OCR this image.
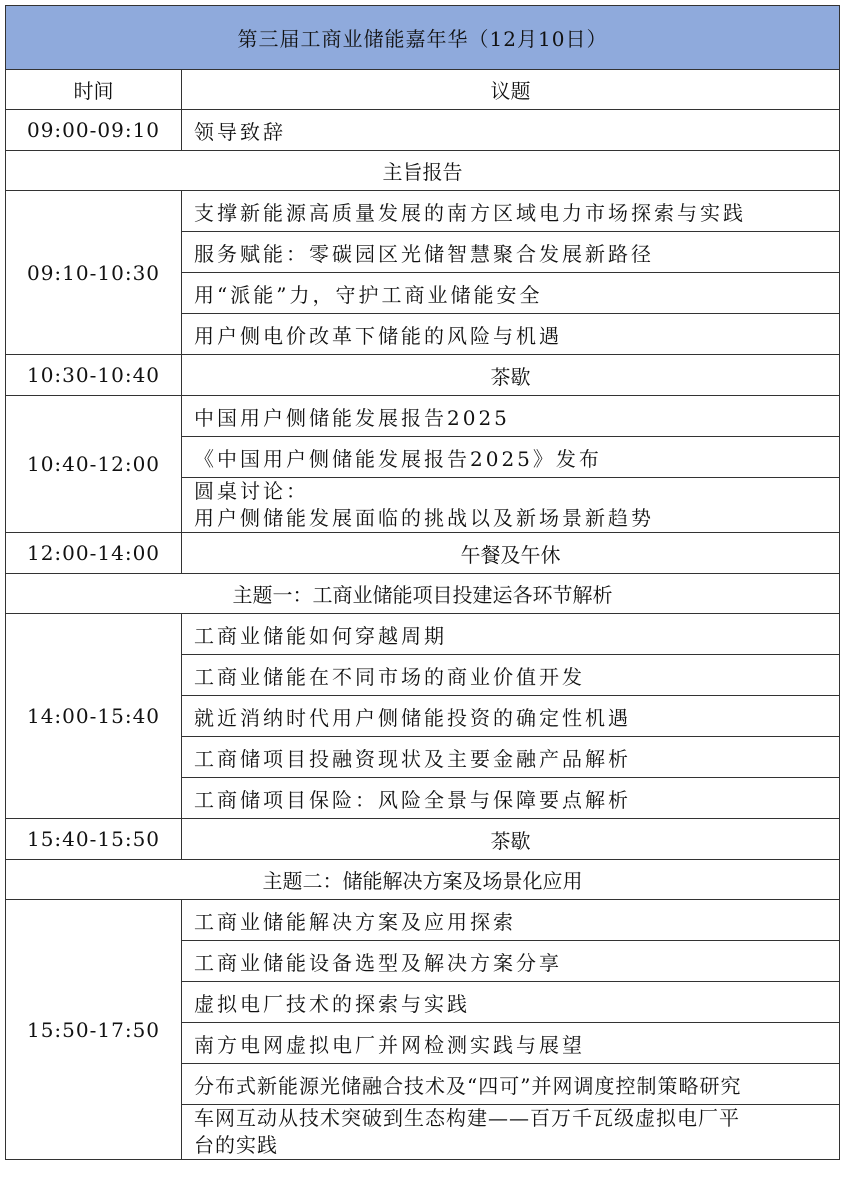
第三届工商业储能嘉年华（12月10日）	
时间	议题
09:00-09:10	领导致辞
主旨报告	
09:10-10:30	支撑新能源高质量发展的南方区域电力市场探索与实践
	服务赋能：零碳园区光储智慧聚合发展新路径
	用“派能”力，守护工商业储能安全
	用户侧电价改革下储能的风险与机遇
10:30-10:40	茶歇
10:40-12:00	中国用户侧储能发展报告2025
	《中国用户侧储能发展报告2025》发布

	圆桌讨论：
用户侧储能发展面临的挑战以及新场景新趋势

12:00-14:00	午餐及午休
主题一：工商业储能项目投建运各环节解析	
14:00-15:40	工商业储能如何穿越周期
	工商业储能在不同市场的商业价值开发
	就近消纳时代用户侧储能投资的确定性机遇
	工商储项目投融资现状及主要金融产品解析
	工商储项目保险：风险全景与保障要点解析
15:40-15:50	茶歇
主题二：储能解决方案及场景化应用	
15:50-17:50	工商业储能解决方案及应用探索
	工商业储能设备选型及解决方案分享
	虚拟电厂技术的探索与实践
	南方电网虚拟电厂并网检测实践与展望
	分布式新能源光储融合技术及“四可”并网调度控制策略研究

	车网互动从技术突破到生态构建——百万千瓦级虚拟电厂平
台的实践
